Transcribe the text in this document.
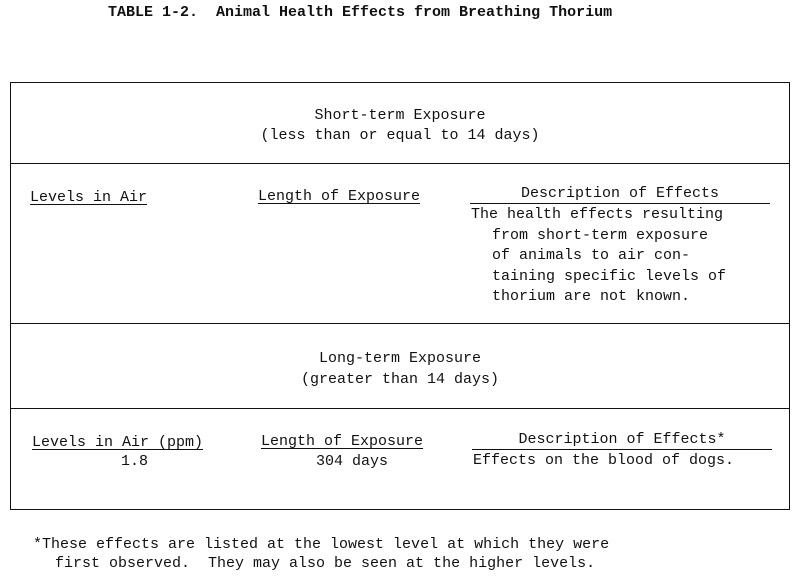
TABLE 1-2.  Animal Health Effects from Breathing Thorium
Short-term Exposure
(less than or equal to 14 days)
Levels in Air	Length of Exposure	Description of Effects
The health effects resulting
from short-term exposure
of animals to air con-
taining specific levels of
thorium are not known.
Long-term Exposure
(greater than 14 days)
Levels in Air (ppm)	Length of Exposure	Description of Effects*
1.8	304 days	Effects on the blood of dogs.
*These effects are listed at the lowest level at which they were
first observed.  They may also be seen at the higher levels.
